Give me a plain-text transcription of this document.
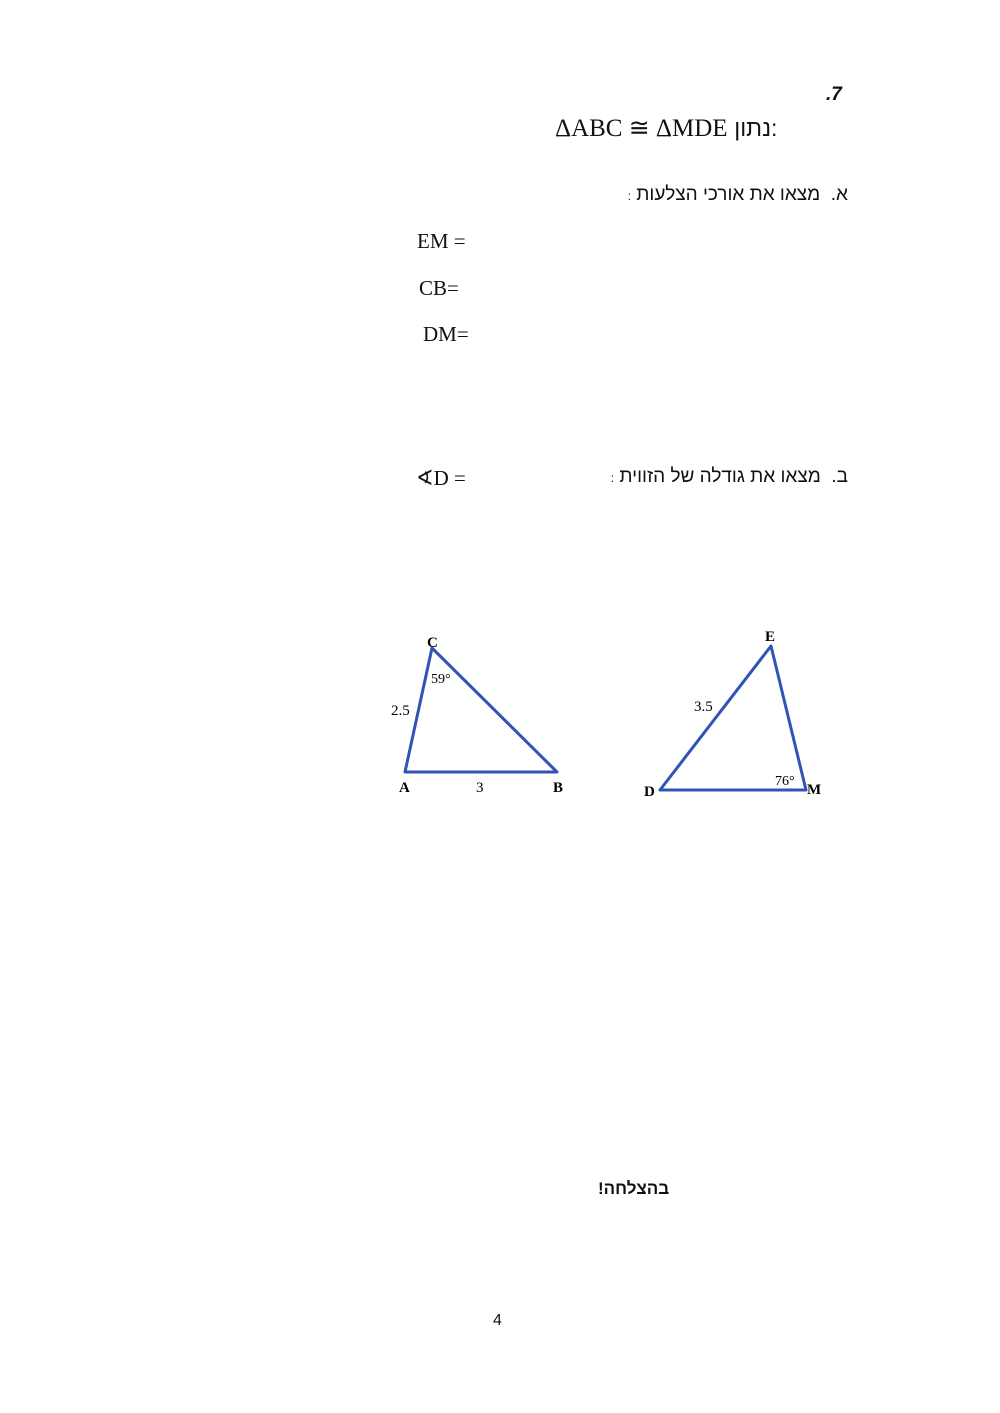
.7
ΔABC ≅ ΔMDE נתון:
א.  מצאו את אורכי הצלעות :
EM =
CB=
DM=
ב.  מצאו את גודלה של הזווית :
∢D =
C
A	B
2.5
3
59°
E
D	M
3.5
76°
בהצלחה!
4
